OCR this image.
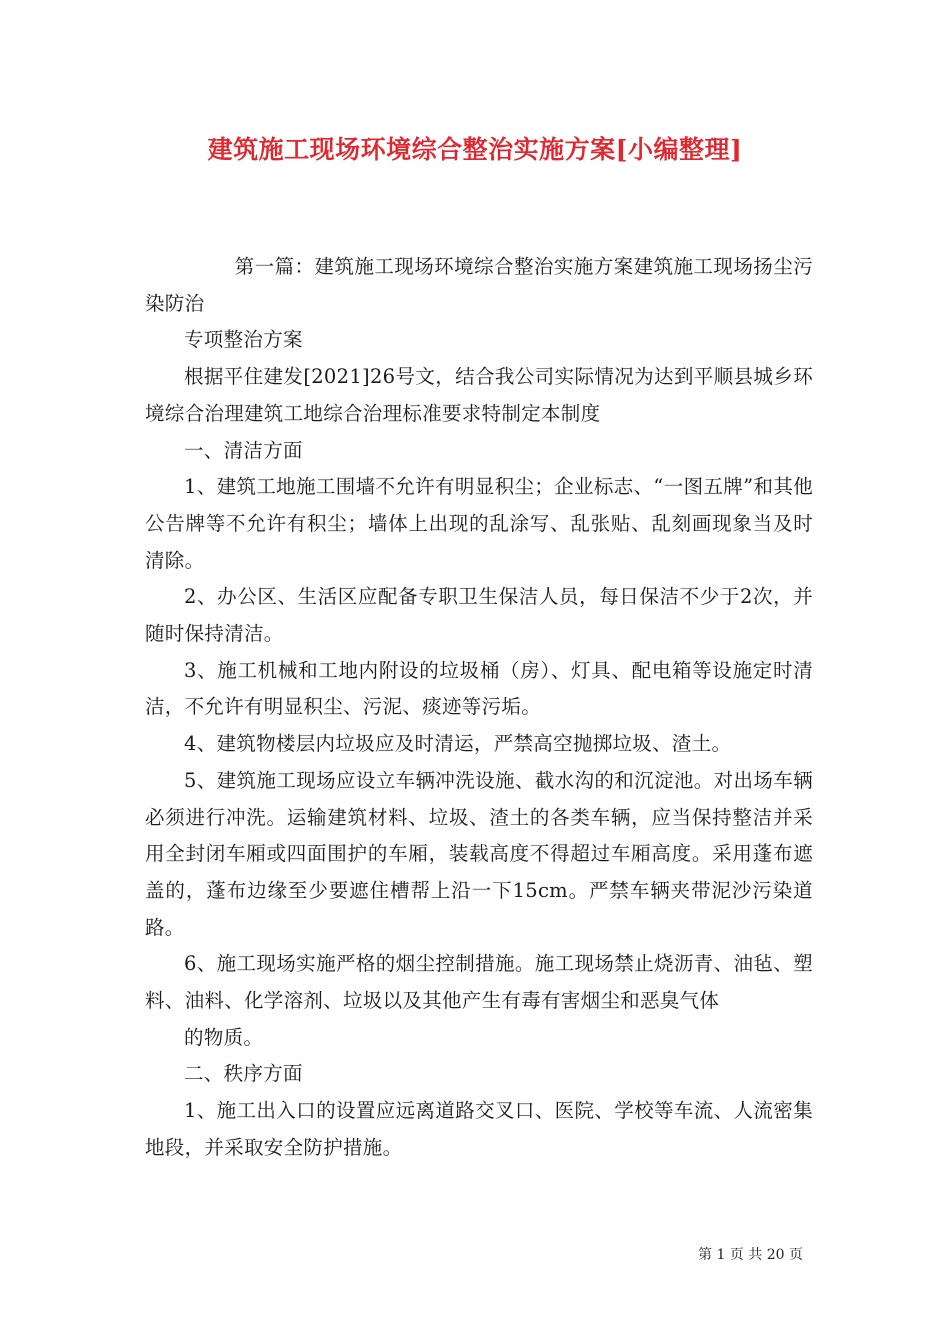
建筑施工现场环境综合整治实施方案[小编整理]

第一篇：建筑施工现场环境综合整治实施方案建筑施工现场扬尘污染防治

专项整治方案

根据平住建发[2021]26号文，结合我公司实际情况为达到平顺县城乡环境综合治理建筑工地综合治理标准要求特制定本制度

一、清洁方面

1、建筑工地施工围墙不允许有明显积尘；企业标志、“一图五牌”和其他公告牌等不允许有积尘；墙体上出现的乱涂写、乱张贴、乱刻画现象当及时清除。

2、办公区、生活区应配备专职卫生保洁人员，每日保洁不少于2次，并随时保持清洁。

3、施工机械和工地内附设的垃圾桶（房）、灯具、配电箱等设施定时清洁，不允许有明显积尘、污泥、痰迹等污垢。

4、建筑物楼层内垃圾应及时清运，严禁高空抛掷垃圾、渣土。

5、建筑施工现场应设立车辆冲洗设施、截水沟的和沉淀池。对出场车辆必须进行冲洗。运输建筑材料、垃圾、渣土的各类车辆，应当保持整洁并采用全封闭车厢或四面围护的车厢，装载高度不得超过车厢高度。采用蓬布遮盖的，蓬布边缘至少要遮住槽帮上沿一下15cm。严禁车辆夹带泥沙污染道路。

6、施工现场实施严格的烟尘控制措施。施工现场禁止烧沥青、油毡、塑料、油料、化学溶剂、垃圾以及其他产生有毒有害烟尘和恶臭气体

的物质。

二、秩序方面

1、施工出入口的设置应远离道路交叉口、医院、学校等车流、人流密集地段，并采取安全防护措施。

第 1 页 共 20 页
